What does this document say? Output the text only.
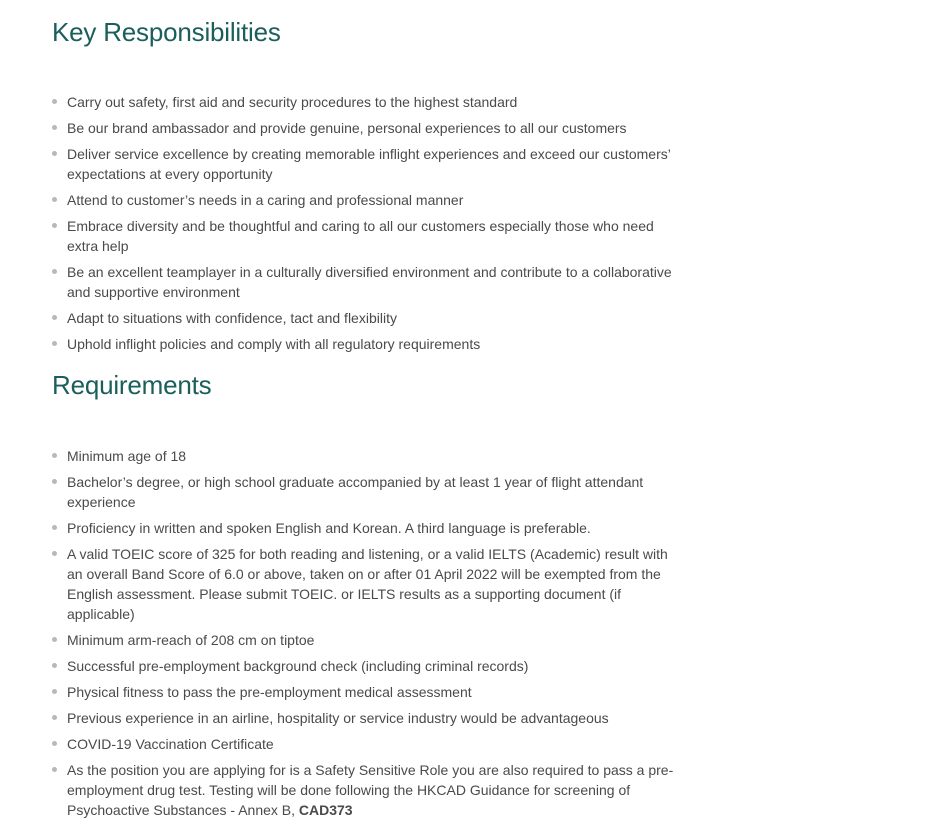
Key Responsibilities
Carry out safety, first aid and security procedures to the highest standard
Be our brand ambassador and provide genuine, personal experiences to all our customers
Deliver service excellence by creating memorable inflight experiences and exceed our customers’ expectations at every opportunity
Attend to customer’s needs in a caring and professional manner
Embrace diversity and be thoughtful and caring to all our customers especially those who need extra help
Be an excellent teamplayer in a culturally diversified environment and contribute to a collaborative and supportive environment
Adapt to situations with confidence, tact and flexibility
Uphold inflight policies and comply with all regulatory requirements
Requirements
Minimum age of 18
Bachelor’s degree, or high school graduate accompanied by at least 1 year of flight attendant experience
Proficiency in written and spoken English and Korean. A third language is preferable.
A valid TOEIC score of 325 for both reading and listening, or a valid IELTS (Academic) result with an overall Band Score of 6.0 or above, taken on or after 01 April 2022 will be exempted from the English assessment. Please submit TOEIC. or IELTS results as a supporting document (if applicable)
Minimum arm-reach of 208 cm on tiptoe
Successful pre-employment background check (including criminal records)
Physical fitness to pass the pre-employment medical assessment
Previous experience in an airline, hospitality or service industry would be advantageous
COVID-19 Vaccination Certificate
As the position you are applying for is a Safety Sensitive Role you are also required to pass a pre-employment drug test. Testing will be done following the HKCAD Guidance for screening of Psychoactive Substances - Annex B, CAD373
